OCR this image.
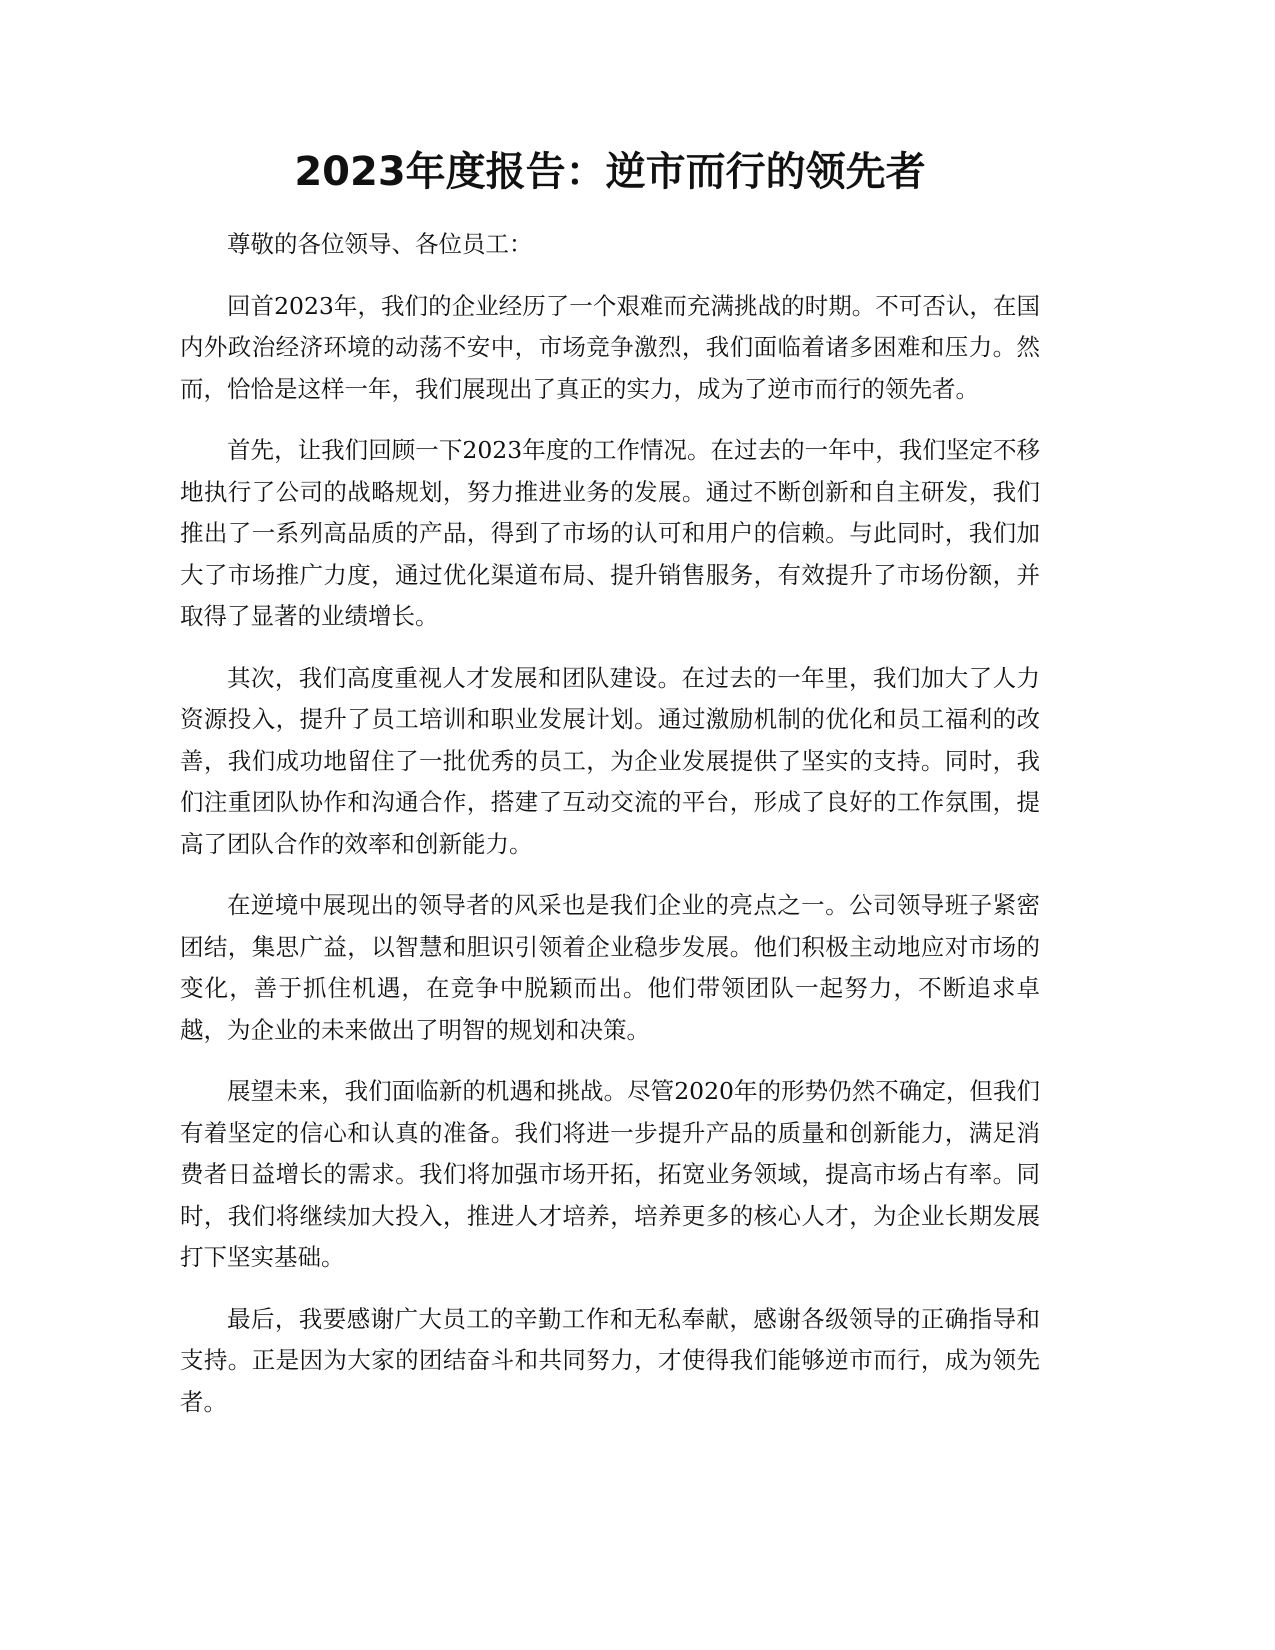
2023年度报告：逆市而行的领先者

尊敬的各位领导、各位员工：

回首2023年，我们的企业经历了一个艰难而充满挑战的时期。不可否认，在国内外政治经济环境的动荡不安中，市场竞争激烈，我们面临着诸多困难和压力。然而，恰恰是这样一年，我们展现出了真正的实力，成为了逆市而行的领先者。

首先，让我们回顾一下2023年度的工作情况。在过去的一年中，我们坚定不移地执行了公司的战略规划，努力推进业务的发展。通过不断创新和自主研发，我们推出了一系列高品质的产品，得到了市场的认可和用户的信赖。与此同时，我们加大了市场推广力度，通过优化渠道布局、提升销售服务，有效提升了市场份额，并取得了显著的业绩增长。

其次，我们高度重视人才发展和团队建设。在过去的一年里，我们加大了人力资源投入，提升了员工培训和职业发展计划。通过激励机制的优化和员工福利的改善，我们成功地留住了一批优秀的员工，为企业发展提供了坚实的支持。同时，我们注重团队协作和沟通合作，搭建了互动交流的平台，形成了良好的工作氛围，提高了团队合作的效率和创新能力。

在逆境中展现出的领导者的风采也是我们企业的亮点之一。公司领导班子紧密团结，集思广益，以智慧和胆识引领着企业稳步发展。他们积极主动地应对市场的变化，善于抓住机遇，在竞争中脱颖而出。他们带领团队一起努力，不断追求卓越，为企业的未来做出了明智的规划和决策。

展望未来，我们面临新的机遇和挑战。尽管2020年的形势仍然不确定，但我们有着坚定的信心和认真的准备。我们将进一步提升产品的质量和创新能力，满足消费者日益增长的需求。我们将加强市场开拓，拓宽业务领域，提高市场占有率。同时，我们将继续加大投入，推进人才培养，培养更多的核心人才，为企业长期发展打下坚实基础。

最后，我要感谢广大员工的辛勤工作和无私奉献，感谢各级领导的正确指导和支持。正是因为大家的团结奋斗和共同努力，才使得我们能够逆市而行，成为领先者。
